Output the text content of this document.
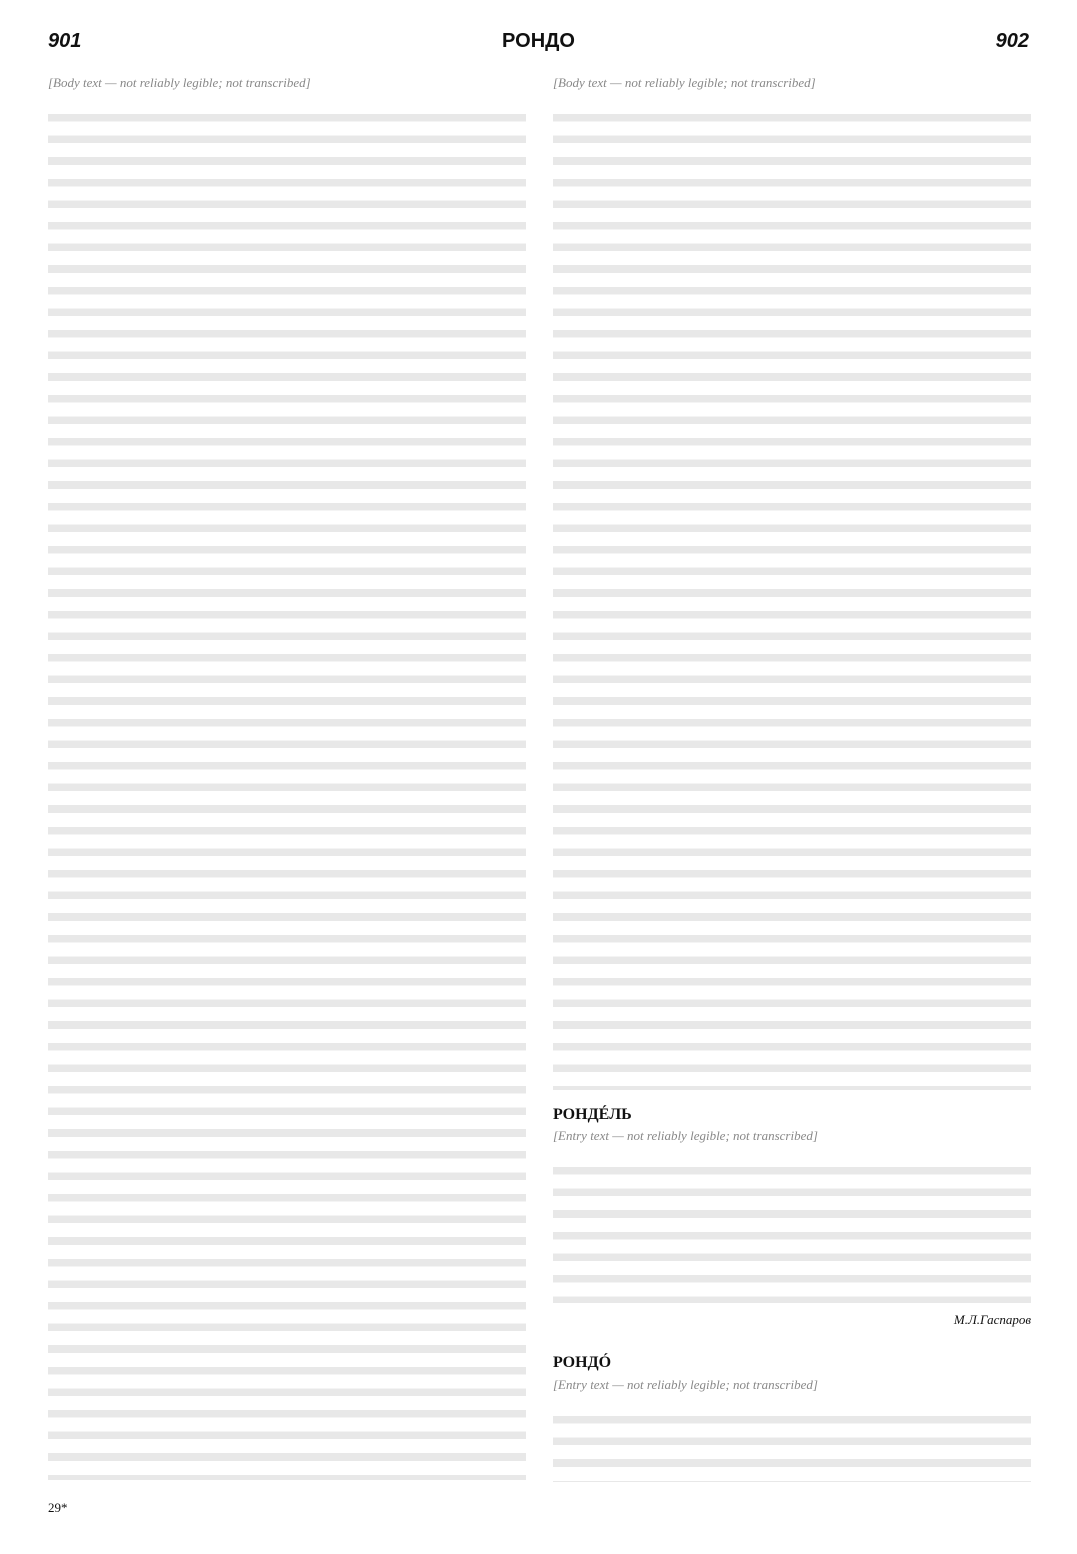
901	РОНДО	902
[Body text — not reliably legible; not transcribed]	[Body text — not reliably legible; not transcribed]
РОНДÉЛЬ
[Entry text — not reliably legible; not transcribed]
М.Л.Гаспаров
РОНДÓ
[Entry text — not reliably legible; not transcribed]
29*
